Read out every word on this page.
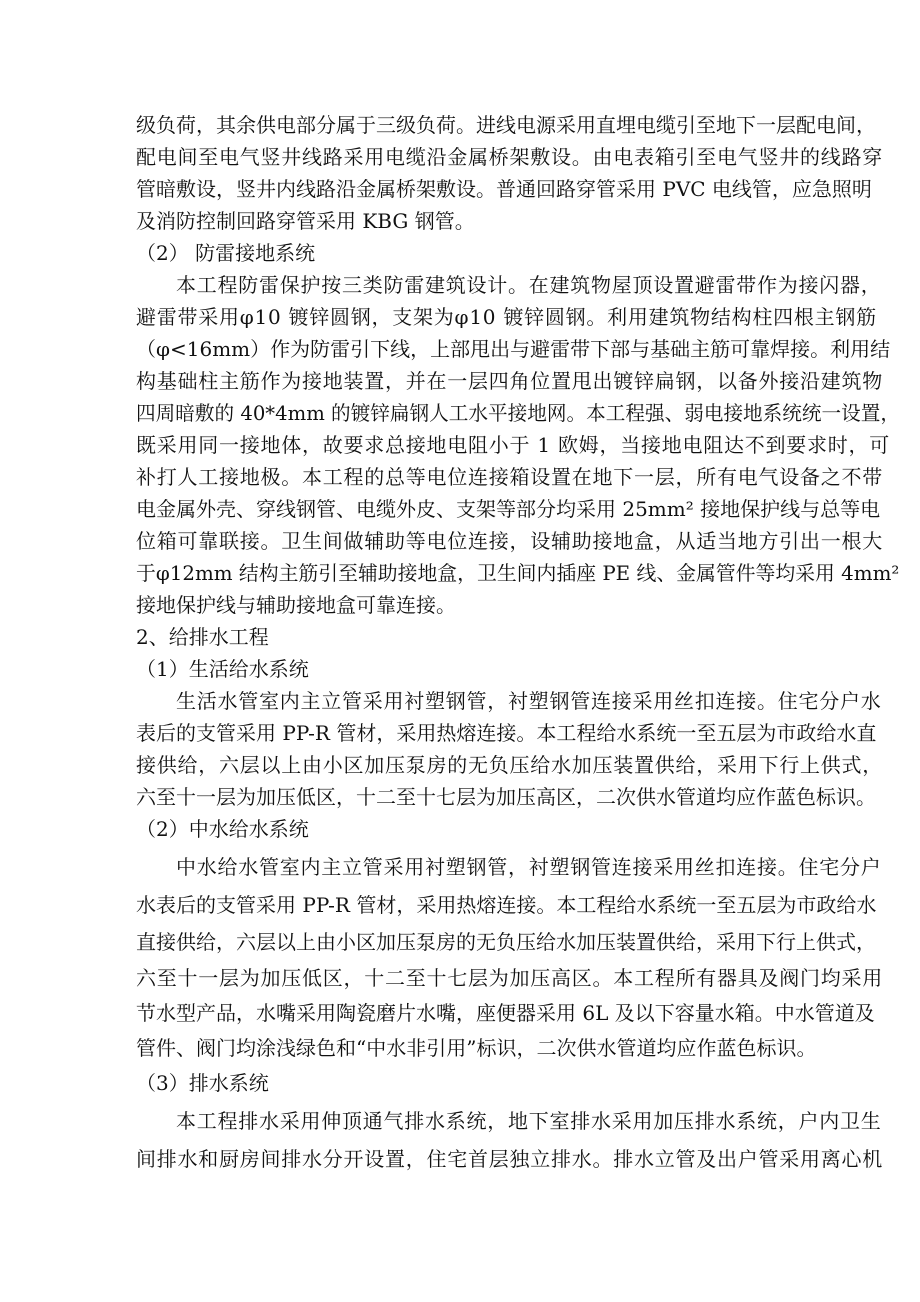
级负荷，其余供电部分属于三级负荷。进线电源采用直埋电缆引至地下一层配电间，
配电间至电气竖井线路采用电缆沿金属桥架敷设。由电表箱引至电气竖井的线路穿
管暗敷设，竖井内线路沿金属桥架敷设。普通回路穿管采用 PVC 电线管，应急照明
及消防控制回路穿管采用 KBG 钢管。
（2） 防雷接地系统
本工程防雷保护按三类防雷建筑设计。在建筑物屋顶设置避雷带作为接闪器，
避雷带采用φ10 镀锌圆钢，支架为φ10 镀锌圆钢。利用建筑物结构柱四根主钢筋
（φ<16mm）作为防雷引下线，上部甩出与避雷带下部与基础主筋可靠焊接。利用结
构基础柱主筋作为接地装置，并在一层四角位置甩出镀锌扁钢，以备外接沿建筑物
四周暗敷的 40*4mm 的镀锌扁钢人工水平接地网。本工程强、弱电接地系统统一设置，
既采用同一接地体，故要求总接地电阻小于 1 欧姆，当接地电阻达不到要求时，可
补打人工接地极。本工程的总等电位连接箱设置在地下一层，所有电气设备之不带
电金属外壳、穿线钢管、电缆外皮、支架等部分均采用 25mm² 接地保护线与总等电
位箱可靠联接。卫生间做辅助等电位连接，设辅助接地盒，从适当地方引出一根大
于φ12mm 结构主筋引至辅助接地盒，卫生间内插座 PE 线、金属管件等均采用 4mm²
接地保护线与辅助接地盒可靠连接。
2、给排水工程
（1）生活给水系统
生活水管室内主立管采用衬塑钢管，衬塑钢管连接采用丝扣连接。住宅分户水
表后的支管采用 PP-R 管材，采用热熔连接。本工程给水系统一至五层为市政给水直
接供给，六层以上由小区加压泵房的无负压给水加压装置供给，采用下行上供式，
六至十一层为加压低区，十二至十七层为加压高区，二次供水管道均应作蓝色标识。
（2）中水给水系统
中水给水管室内主立管采用衬塑钢管，衬塑钢管连接采用丝扣连接。住宅分户
水表后的支管采用 PP-R 管材，采用热熔连接。本工程给水系统一至五层为市政给水
直接供给，六层以上由小区加压泵房的无负压给水加压装置供给，采用下行上供式，
六至十一层为加压低区，十二至十七层为加压高区。本工程所有器具及阀门均采用
节水型产品，水嘴采用陶瓷磨片水嘴，座便器采用 6L 及以下容量水箱。中水管道及
管件、阀门均涂浅绿色和“中水非引用”标识，二次供水管道均应作蓝色标识。
（3）排水系统
本工程排水采用伸顶通气排水系统，地下室排水采用加压排水系统，户内卫生
间排水和厨房间排水分开设置，住宅首层独立排水。排水立管及出户管采用离心机
